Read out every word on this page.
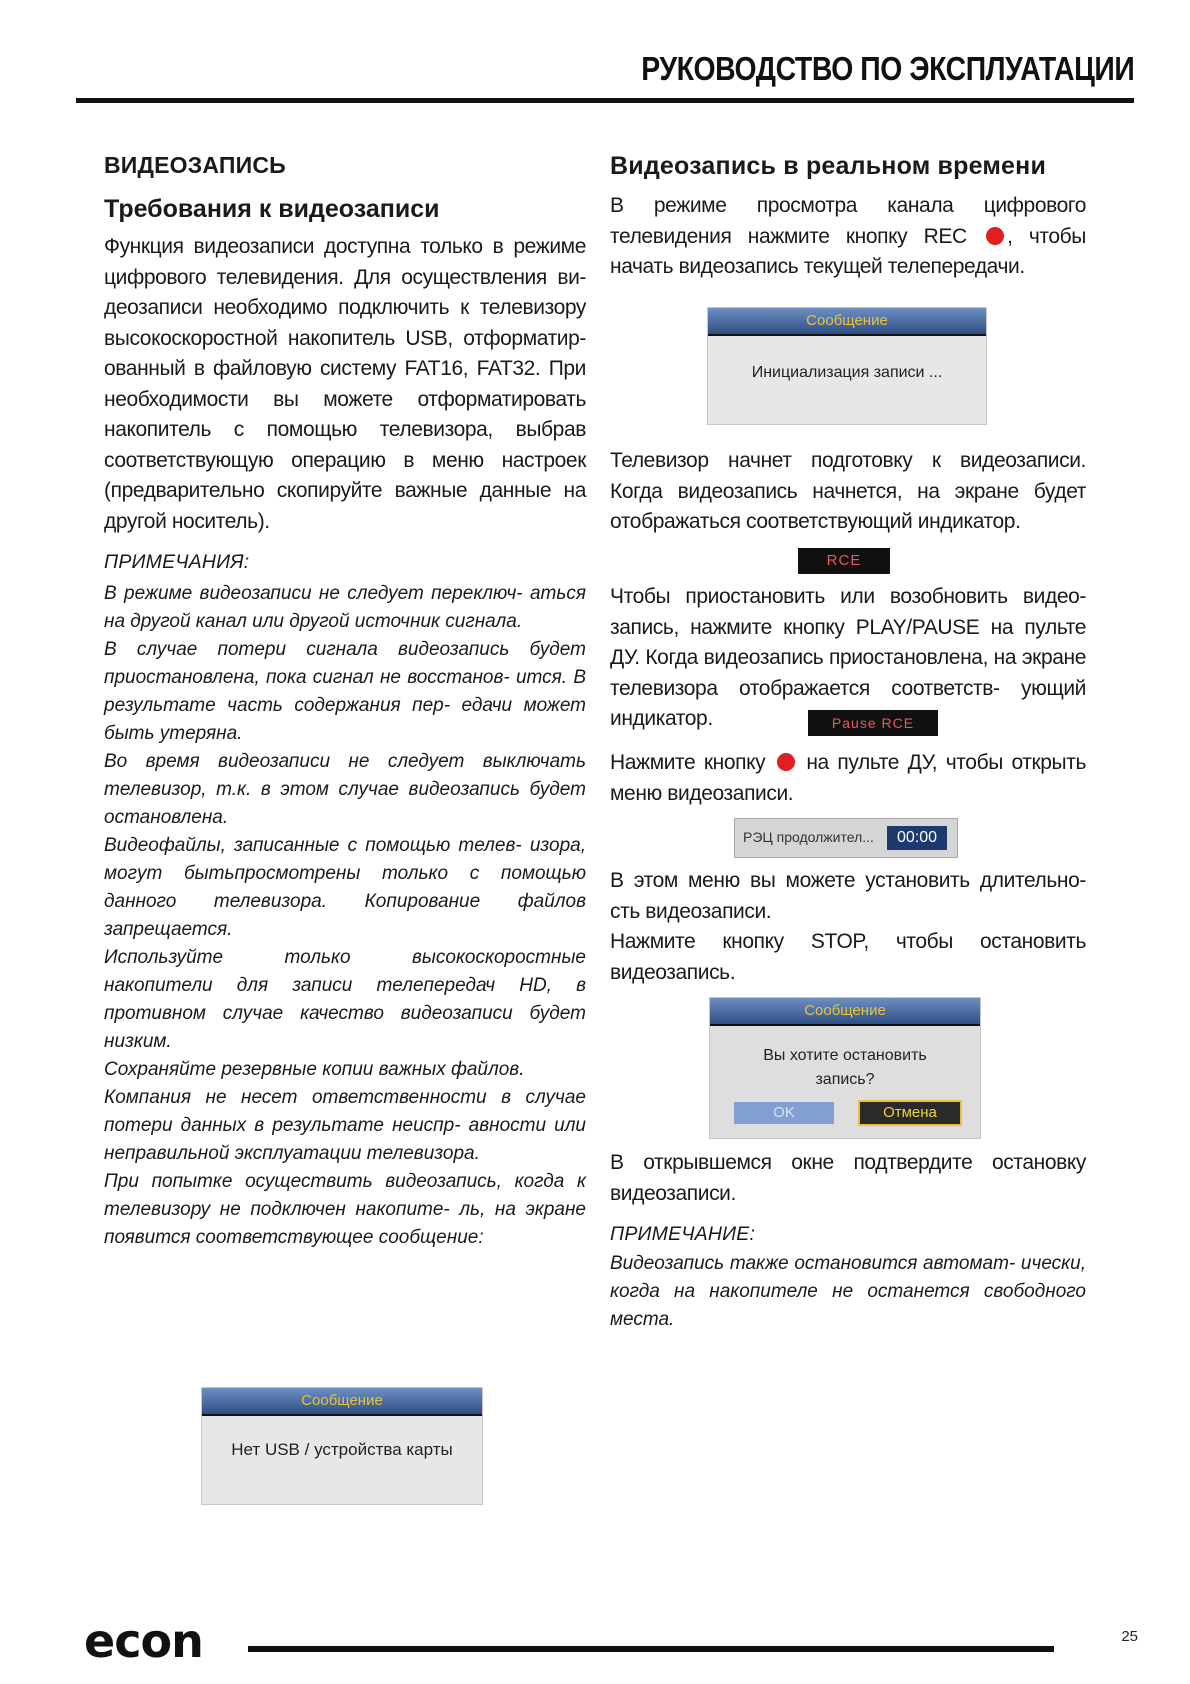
РУКОВОДСТВО ПО ЭКСПЛУАТАЦИИ
ВИДЕОЗАПИСЬ
Требования к видеозаписи

Функция видеозаписи доступна только в режиме цифрового телевидения. Для осуществления ви- деозаписи необходимо подключить к телевизору высокоскоростной накопитель USB, отформатир- ованный в файловую систему FAT16, FAT32. При необходимости вы можете отформатировать накопитель с помощью телевизора, выбрав соответствующую операцию в меню настроек (предварительно скопируйте важные данные на другой носитель).

ПРИМЕЧАНИЯ:

В режиме видеозаписи не следует переключ- аться на другой канал или другой источник сигнала.

В случае потери сигнала видеозапись будет приостановлена, пока сигнал не восстанов- ится. В результате часть содержания пер- едачи может быть утеряна.

Во время видеозаписи не следует выключать телевизор, т.к. в этом случае видеозапись будет остановлена.

Видеофайлы, записанные с помощью телев- изора, могут бытьпросмотрены только с помощью данного телевизора. Копирование файлов запрещается.

Используйте только высокоскоростные накопители для записи телепередач HD, в противном случае качество видеозаписи будет низким.

Сохраняйте резервные копии важных файлов.

Компания не несет ответственности в случае потери данных в результате неиспр- авности или неправильной эксплуатации телевизора.

При попытке осуществить видеозапись, когда к телевизору не подключен накопите- ль, на экране появится соответствующее сообщение:

Сообщение
Нет USB / устройства карты
Видеозапись в реальном времени

В режиме просмотра канала цифрового телевидения нажмите кнопку REC , чтобы начать видеозапись текущей телепередачи.

Сообщение
Инициализация записи ...

Телевизор начнет подготовку к видеозаписи. Когда видеозапись начнется, на экране будет отображаться соответствующий индикатор.

RCE

Чтобы приостановить или возобновить видео- запись, нажмите кнопку PLAY/PAUSE на пульте ДУ. Когда видеозапись приостановлена, на экране телевизора отображается соответств- ующий индикатор.	Pause RCE

Нажмите кнопку на пульте ДУ, чтобы открыть меню видеозаписи.

РЭЦ продолжител...	00:00

В этом меню вы можете установить длительно- сть видеозаписи.

Нажмите кнопку STOP, чтобы остановить видеозапись.

Сообщение
Вы хотите остановить запись?
OK	Отмена

В открывшемся окне подтвердите остановку видеозаписи.

ПРИМЕЧАНИЕ:

Видеозапись также остановится автомат- ически, когда на накопителе не останется свободного места.

econ	25
